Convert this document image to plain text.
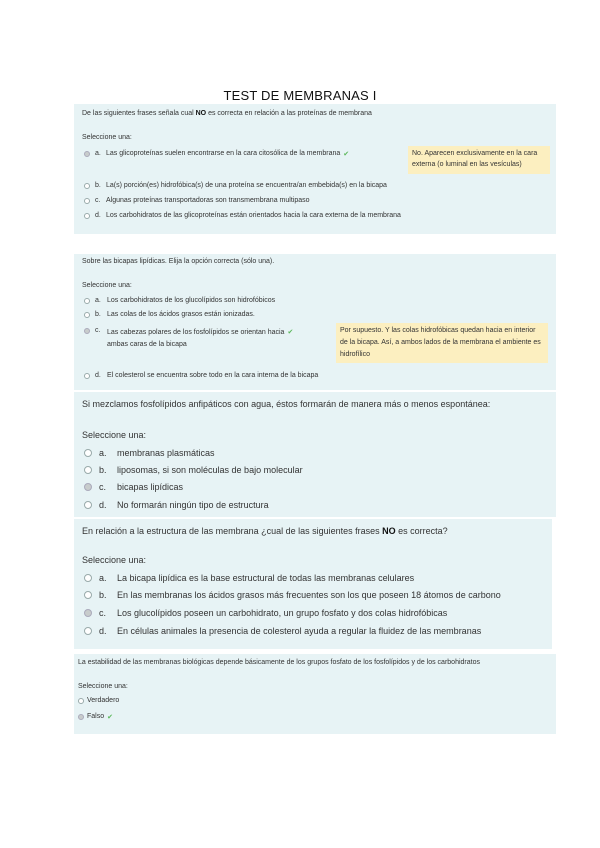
TEST DE MEMBRANAS I
De las siguientes frases señala cual NO es correcta en relación a las proteínas de membrana
Seleccione una:
a. Las glicoproteínas suelen encontrarse en la cara citosólica de la membrana ✔	No. Aparecen exclusivamente en la cara externa (o luminal en las vesículas)
b. La(s) porción(es) hidrofóbica(s) de una proteína se encuentra/an embebida(s) en la bicapa
c. Algunas proteínas transportadoras son transmembrana multipaso
d. Los carbohidratos de las glicoproteínas están orientados hacia la cara externa de la membrana
Sobre las bicapas lipídicas. Elija la opción correcta (sólo una).
Seleccione una:
a. Los carbohidratos de los glucolípidos son hidrofóbicos
b. Las colas de los ácidos grasos están ionizadas.
c. Las cabezas polares de los fosfolípidos se orientan hacia ✔
ambas caras de la bicapa
Por supuesto. Y las colas hidrofóbicas quedan hacia en interior de la bicapa. Así, a ambos lados de la membrana el ambiente es hidrofílico
d. El colesterol se encuentra sobre todo en la cara interna de la bicapa
Si mezclamos fosfolípidos anfipáticos con agua, éstos formarán de manera más o menos espontánea:
Seleccione una:
a.	membranas plasmáticas
b.	liposomas, si son moléculas de bajo molecular
c.	bicapas lipídicas
d.	No formarán ningún tipo de estructura
En relación a la estructura de las membrana ¿cual de las siguientes frases NO es correcta?
Seleccione una:
a.	La bicapa lipídica es la base estructural de todas las membranas celulares
b.	En las membranas los ácidos grasos más frecuentes son los que poseen 18 átomos de carbono
c.	Los glucolípidos poseen un carbohidrato, un grupo fosfato y dos colas hidrofóbicas
d.	En células animales la presencia de colesterol ayuda a regular la fluidez de las membranas
La estabilidad de las membranas biológicas depende básicamente de los grupos fosfato de los fosfolípidos y de los carbohidratos
Seleccione una:
Verdadero
Falso ✔
